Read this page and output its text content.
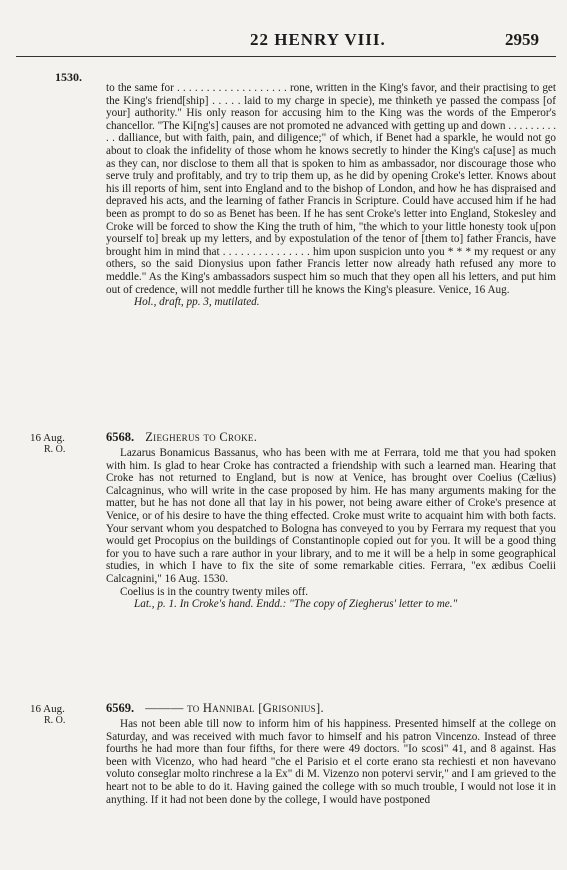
22 HENRY VIII.	2959
1530.

to the same for . . . . . . . . . . . . . . . . . . . rone, written in the King's favor, and their practising to get the King's friend[ship] . . . . . laid to my charge in specie), me thinketh ye passed the compass [of your] authority." His only reason for accusing him to the King was the words of the Emperor's chancellor. "The Ki[ng's] causes are not promoted ne advanced with getting up and down . . . . . . . . . . . dalliance, but with faith, pain, and diligence;" of which, if Benet had a sparkle, he would not go about to cloak the infidelity of those whom he knows secretly to hinder the King's ca[use] as much as they can, nor disclose to them all that is spoken to him as ambassador, nor discourage those who serve truly and profitably, and try to trip them up, as he did by opening Croke's letter. Knows about his ill reports of him, sent into England and to the bishop of London, and how he has dispraised and depraved his acts, and the learning of father Francis in Scripture. Could have accused him if he had been as prompt to do so as Benet has been. If he has sent Croke's letter into England, Stokesley and Croke will be forced to show the King the truth of him, "the which to your little honesty took u[pon yourself to] break up my letters, and by expostulation of the tenor of [them to] father Francis, have brought him in mind that . . . . . . . . . . . . . . . him upon suspicion unto you * * * my request or any others, so the said Dionysius upon father Francis letter now already hath refused any more to meddle." As the King's ambassadors suspect him so much that they open all his letters, and put him out of credence, will not meddle further till he knows the King's pleasure. Venice, 16 Aug.

Hol., draft, pp. 3, mutilated.

16 Aug.
R. O.
6568. Ziegherus to Croke.

Lazarus Bonamicus Bassanus, who has been with me at Ferrara, told me that you had spoken with him. Is glad to hear Croke has contracted a friendship with such a learned man. Hearing that Croke has not returned to England, but is now at Venice, has brought over Coelius (Cælius) Calcagninus, who will write in the case proposed by him. He has many arguments making for the matter, but he has not done all that lay in his power, not being aware either of Croke's presence at Venice, or of his desire to have the thing effected. Croke must write to acquaint him with both facts. Your servant whom you despatched to Bologna has conveyed to you by Ferrara my request that you would get Procopius on the buildings of Constantinople copied out for you. It will be a good thing for you to have such a rare author in your library, and to me it will be a help in some geographical studies, in which I have to fix the site of some remarkable cities. Ferrara, "ex ædibus Coelii Calcagnini," 16 Aug. 1530.

Coelius is in the country twenty miles off.

Lat., p. 1. In Croke's hand. Endd.: "The copy of Ziegherus' letter to me."

16 Aug.
R. O.
6569. ——— to Hannibal [Grisonius].

Has not been able till now to inform him of his happiness. Presented himself at the college on Saturday, and was received with much favor to himself and his patron Vincenzo. Instead of three fourths he had more than four fifths, for there were 49 doctors. "Io scosi" 41, and 8 against. Has been with Vicenzo, who had heard "che el Parisio et el corte erano sta rechiesti et non havevano voluto conseglar molto rinchrese a la Ex" di M. Vizenzo non potervi servir," and I am grieved to the heart not to be able to do it. Having gained the college with so much trouble, I would not lose it in anything. If it had not been done by the college, I would have postponed
